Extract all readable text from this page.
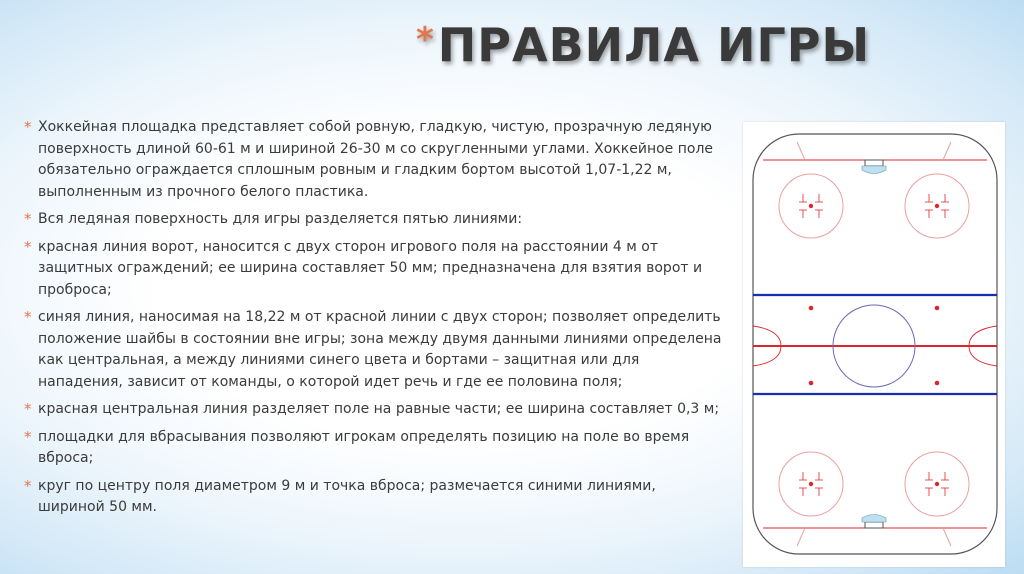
* ПРАВИЛА ИГРЫ
* Хоккейная площадка представляет собой ровную, гладкую, чистую, прозрачную ледяную поверхность длиной 60-61 м и шириной 26-30 м со скругленными углами. Хоккейное поле обязательно ограждается сплошным ровным и гладким бортом высотой 1,07-1,22 м, выполненным из прочного белого пластика.
* Вся ледяная поверхность для игры разделяется пятью линиями:
* красная линия ворот, наносится с двух сторон игрового поля на расстоянии 4 м от защитных ограждений; ее ширина составляет 50 мм; предназначена для взятия ворот и проброса;
* синяя линия, наносимая на 18,22 м от красной линии с двух сторон; позволяет определить положение шайбы в состоянии вне игры; зона между двумя данными линиями определена как центральная, а между линиями синего цвета и бортами – защитная или для нападения, зависит от команды, о которой идет речь и где ее половина поля;
* красная центральная линия разделяет поле на равные части; ее ширина составляет 0,3 м;
* площадки для вбрасывания позволяют игрокам определять позицию на поле во время вброса;
* круг по центру поля диаметром 9 м и точка вброса; размечается синими линиями, шириной 50 мм.
